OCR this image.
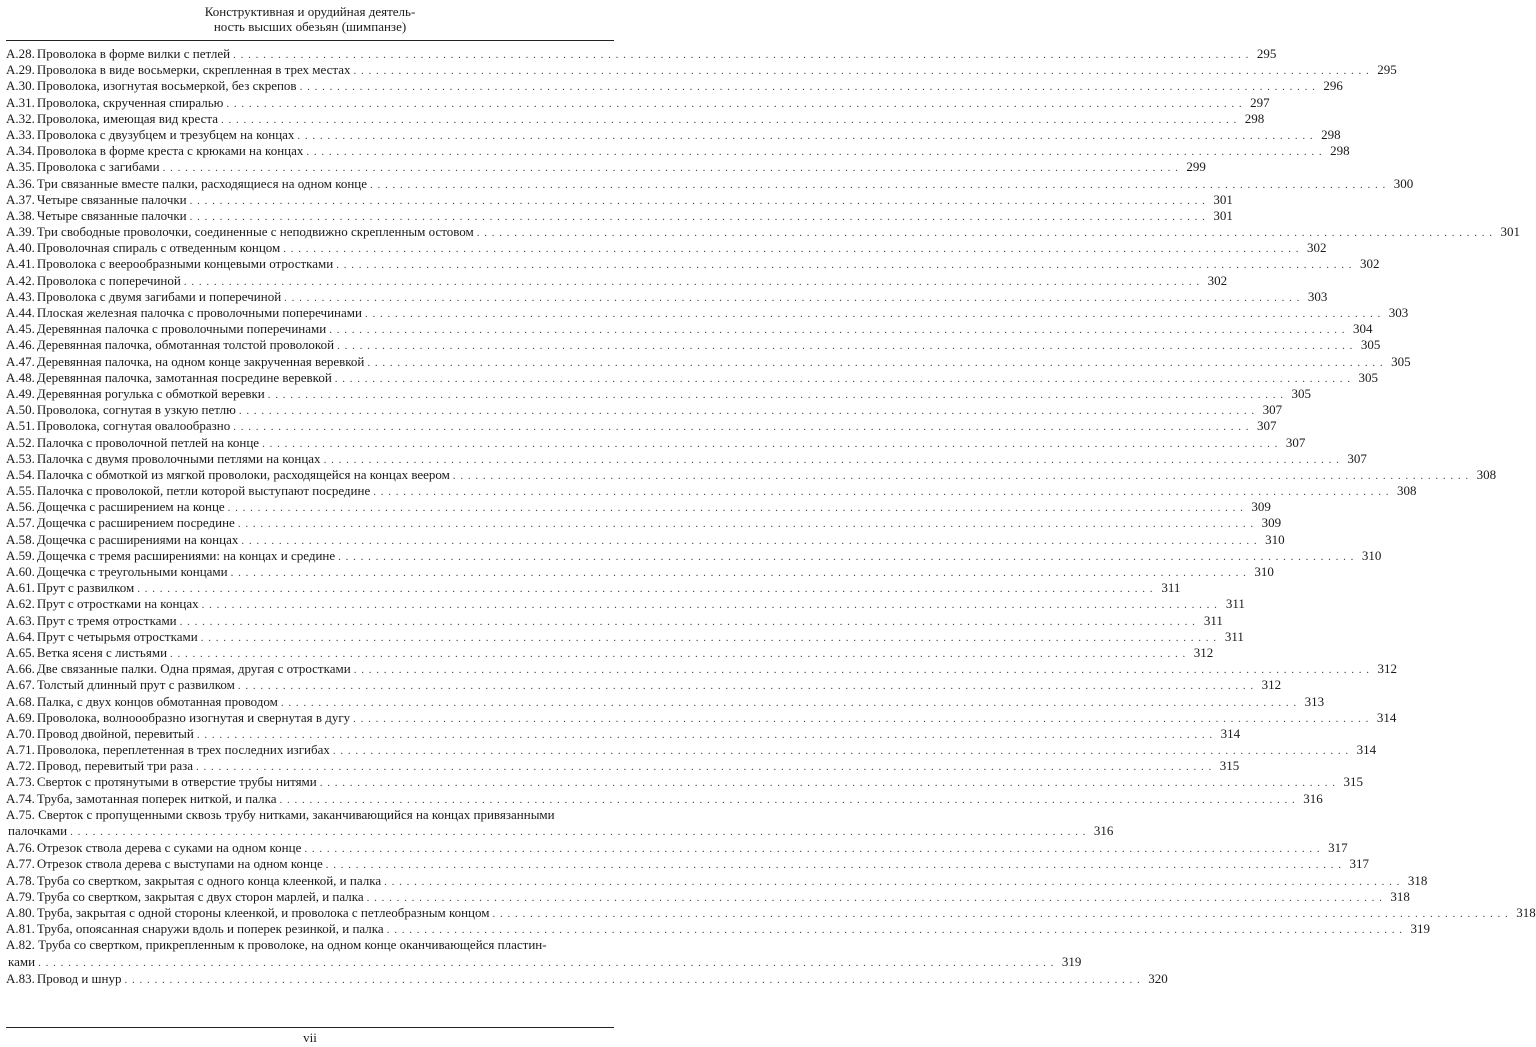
Конструктивная и орудийная деятель-
ность высших обезьян (шимпанзе)
А.28. Проволока в форме вилки с петлей . . .	295
А.29. Проволока в виде восьмерки, скрепленная в трех местах . . .	295
А.30. Проволока, изогнутая восьмеркой, без скрепов . . .	296
А.31. Проволока, скрученная спиралью . . .	297
А.32. Проволока, имеющая вид креста . . .	298
А.33. Проволока с двузубцем и трезубцем на концах . . .	298
А.34. Проволока в форме креста с крюками на концах . . .	298
А.35. Проволока с загибами . . .	299
А.36. Три связанные вместе палки, расходящиеся на одном конце . . .	300
А.37. Четыре связанные палочки . . .	301
А.38. Четыре связанные палочки . . .	301
А.39. Три свободные проволочки, соединенные с неподвижно скрепленным остовом . . .	301
А.40. Проволочная спираль с отведенным концом . . .	302
А.41. Проволока с веерообразными концевыми отростками . . .	302
А.42. Проволока с поперечиной . . .	302
А.43. Проволока с двумя загибами и поперечиной . . .	303
А.44. Плоская железная палочка с проволочными поперечинами . . .	303
А.45. Деревянная палочка с проволочными поперечинами . . .	304
А.46. Деревянная палочка, обмотанная толстой проволокой . . .	305
А.47. Деревянная палочка, на одном конце закрученная веревкой . . .	305
А.48. Деревянная палочка, замотанная посредине веревкой . . .	305
А.49. Деревянная рогулька с обмоткой веревки . . .	305
А.50. Проволока, согнутая в узкую петлю . . .	307
А.51. Проволока, согнутая овалообразно . . .	307
А.52. Палочка с проволочной петлей на конце . . .	307
А.53. Палочка с двумя проволочными петлями на концах . . .	307
А.54. Палочка с обмоткой из мягкой проволоки, расходящейся на концах веером . . .	308
А.55. Палочка с проволокой, петли которой выступают посредине . . .	308
А.56. Дощечка с расширением на конце . . .	309
А.57. Дощечка с расширением посредине . . .	309
А.58. Дощечка с расширениями на концах . . .	310
А.59. Дощечка с тремя расширениями: на концах и средине . . .	310
А.60. Дощечка с треугольными концами . . .	310
А.61. Прут с развилком . . .	311
А.62. Прут с отростками на концах . . .	311
А.63. Прут с тремя отростками . . .	311
А.64. Прут с четырьмя отростками . . .	311
А.65. Ветка ясеня с листьями . . .	312
А.66. Две связанные палки. Одна прямая, другая с отростками . . .	312
А.67. Толстый длинный прут с развилком . . .	312
А.68. Палка, с двух концов обмотанная проводом . . .	313
А.69. Проволока, волноообразно изогнутая и свернутая в дугу . . .	314
А.70. Провод двойной, перевитый . . .	314
А.71. Проволока, переплетенная в трех последних изгибах . . .	314
А.72. Провод, перевитый три раза . . .	315
А.73. Сверток с протянутыми в отверстие трубы нитями . . .	315
А.74. Труба, замотанная поперек ниткой, и палка . . .	316
А.75. Сверток с пропущенными сквозь трубу нитками, заканчивающийся на концах привязанными
палочками . . .	316
А.76. Отрезок ствола дерева с суками на одном конце . . .	317
А.77. Отрезок ствола дерева с выступами на одном конце . . .	317
А.78. Труба со свертком, закрытая с одного конца клеенкой, и палка . . .	318
А.79. Труба со свертком, закрытая с двух сторон марлей, и палка . . .	318
А.80. Труба, закрытая с одной стороны клеенкой, и проволока с петлеобразным концом . . .	318
А.81. Труба, опоясанная снаружи вдоль и поперек резинкой, и палка . . .	319
А.82. Труба со свертком, прикрепленным к проволоке, на одном конце оканчивающейся пластин-
ками . . .	319
А.83. Провод и шнур . . .	320
vii
